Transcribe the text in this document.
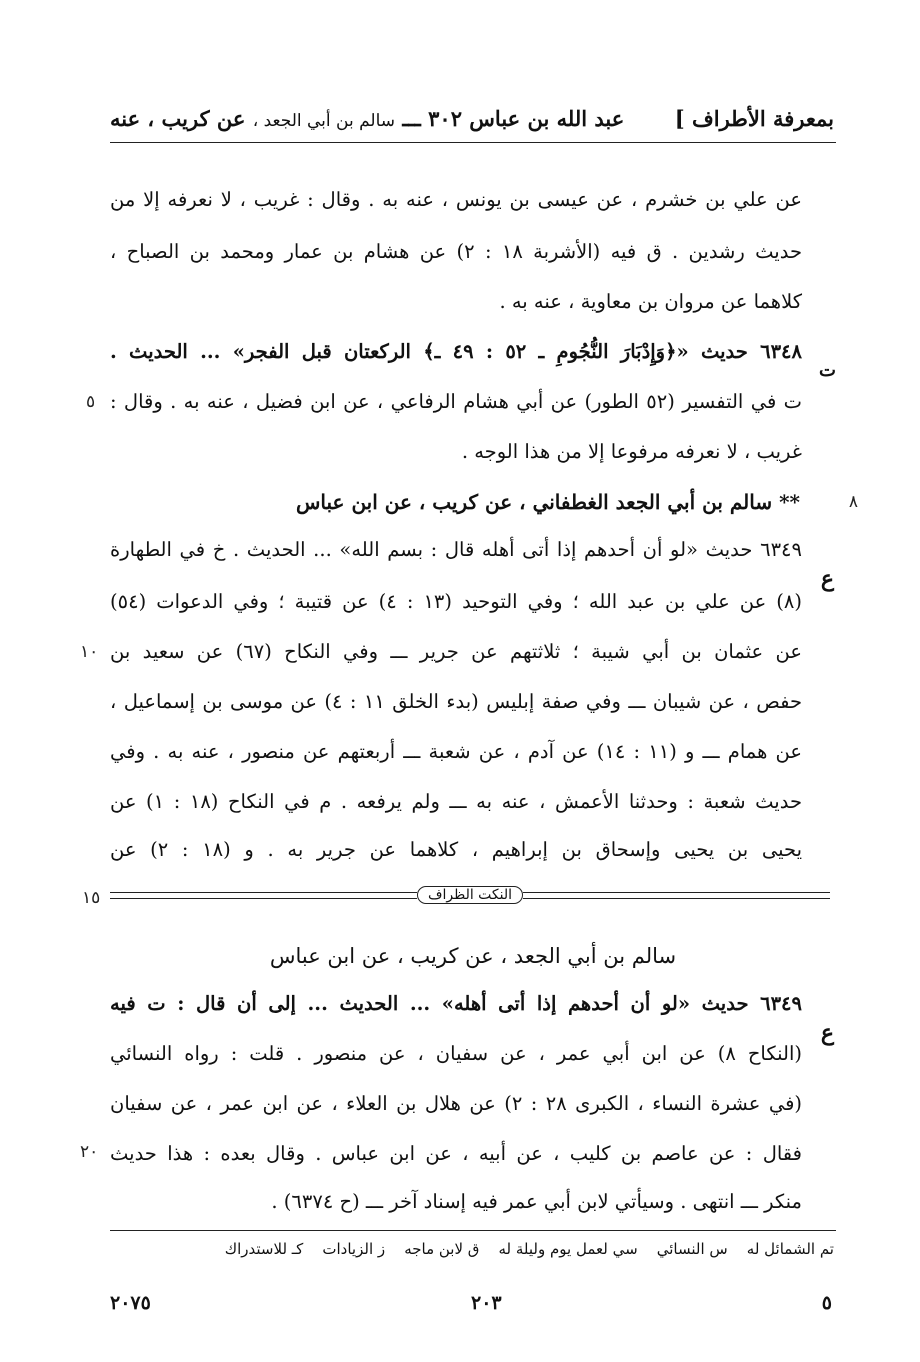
بمعرفة الأطراف ]
عبد الله بن عباس ٣٠٢ ـــ سالم بن أبي الجعد ، عن كريب ، عنه
عن علي بن خشرم ، عن عيسى بن يونس ، عنه به . وقال : غريب ، لا نعرفه إلا من
حديث رشدين . ق فيه (الأشربة ١٨ : ٢) عن هشام بن عمار ومحمد بن الصباح ،
كلاهما عن مروان بن معاوية ، عنه به .
٦٣٤٨ حديث «﴿وَإِدْبَارَ النُّجُومِ ـ ٥٢ : ٤٩ ـ﴾ الركعتان قبل الفجر» ... الحديث .
ت في التفسير (٥٢ الطور) عن أبي هشام الرفاعي ، عن ابن فضيل ، عنه به . وقال :
غريب ، لا نعرفه مرفوعا إلا من هذا الوجه .
** سالم بن أبي الجعد الغطفاني ، عن كريب ، عن ابن عباس
٦٣٤٩ حديث «لو أن أحدهم إذا أتى أهله قال : بسم الله» ... الحديث . خ في الطهارة
(٨) عن علي بن عبد الله ؛ وفي التوحيد (١٣ : ٤) عن قتيبة ؛ وفي الدعوات (٥٤)
عن عثمان بن أبي شيبة ؛ ثلاثتهم عن جرير ـــ وفي النكاح (٦٧) عن سعيد بن
حفص ، عن شيبان ـــ وفي صفة إبليس (بدء الخلق ١١ : ٤) عن موسى بن إسماعيل ،
عن همام ـــ و (١١ : ١٤) عن آدم ، عن شعبة ـــ أربعتهم عن منصور ، عنه به . وفي
حديث شعبة : وحدثنا الأعمش ، عنه به ـــ ولم يرفعه . م في النكاح (١٨ : ١) عن
يحيى بن يحيى وإسحاق بن إبراهيم ، كلاهما عن جرير به . و (١٨ : ٢) عن
٥
٨
١٠
١٥
٢٠
ت
ع
ع
النكت الظراف
سالم بن أبي الجعد ، عن كريب ، عن ابن عباس
٦٣٤٩ حديث «لو أن أحدهم إذا أتى أهله» ... الحديث ... إلى أن قال : ت فيه
(النكاح ٨) عن ابن أبي عمر ، عن سفيان ، عن منصور . قلت : رواه النسائي
(في عشرة النساء ، الكبرى ٢٨ : ٢) عن هلال بن العلاء ، عن ابن عمر ، عن سفيان
فقال : عن عاصم بن كليب ، عن أبيه ، عن ابن عباس . وقال بعده : هذا حديث
منكر ـــ انتهى . وسيأتي لابن أبي عمر فيه إسناد آخر ـــ (ح ٦٣٧٤) .
تم الشمائل له    س النسائي    سي لعمل يوم وليلة له    ق لابن ماجه    ز الزيادات    كـ للاستدراك
٥
٢٠٣
٢٠٧٥
